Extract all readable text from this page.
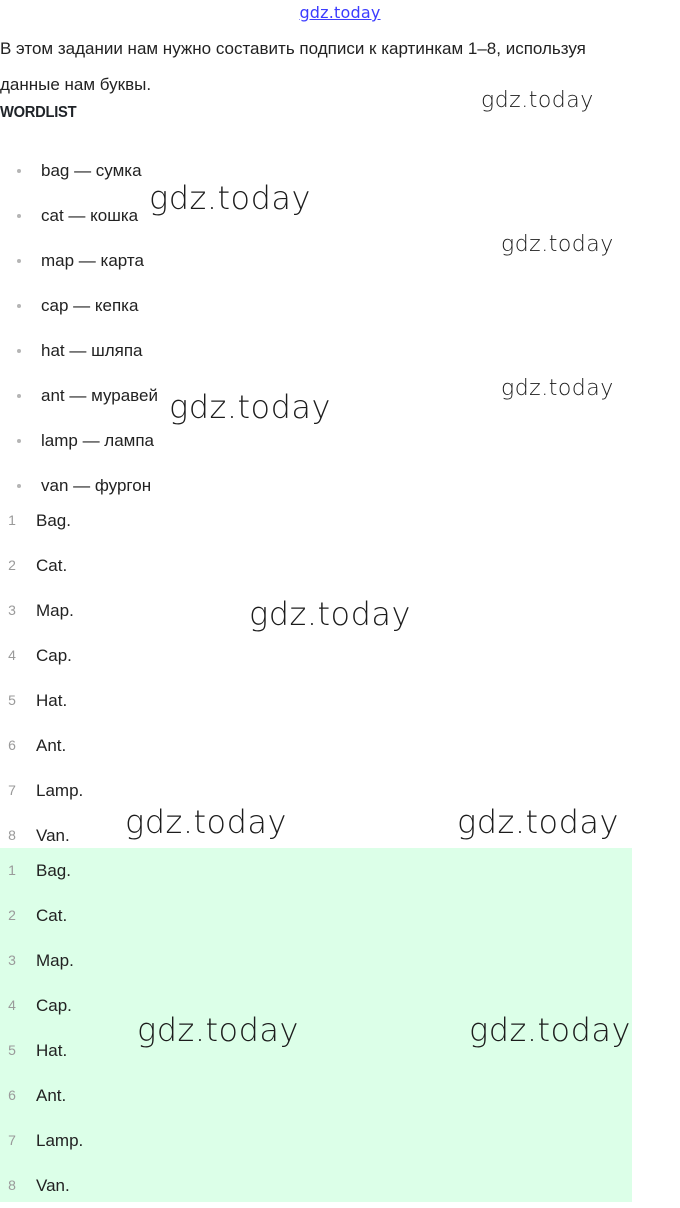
gdz.today
В этом задании нам нужно составить подписи к картинкам 1–8, используя данные нам буквы.
WORDLIST
bag — сумка
cat — кошка
map — карта
cap — кепка
hat — шляпа
ant — муравей
lamp — лампа
van — фургон
1	Bag.
2	Cat.
3	Map.
4	Cap.
5	Hat.
6	Ant.
7	Lamp.
8	Van.
1	Bag.
2	Cat.
3	Map.
4	Cap.
5	Hat.
6	Ant.
7	Lamp.
8	Van.
gdz.today
gdz.today
gdz.today
gdz.today
gdz.today
gdz.today
gdz.today	gdz.today
gdz.today	gdz.today
